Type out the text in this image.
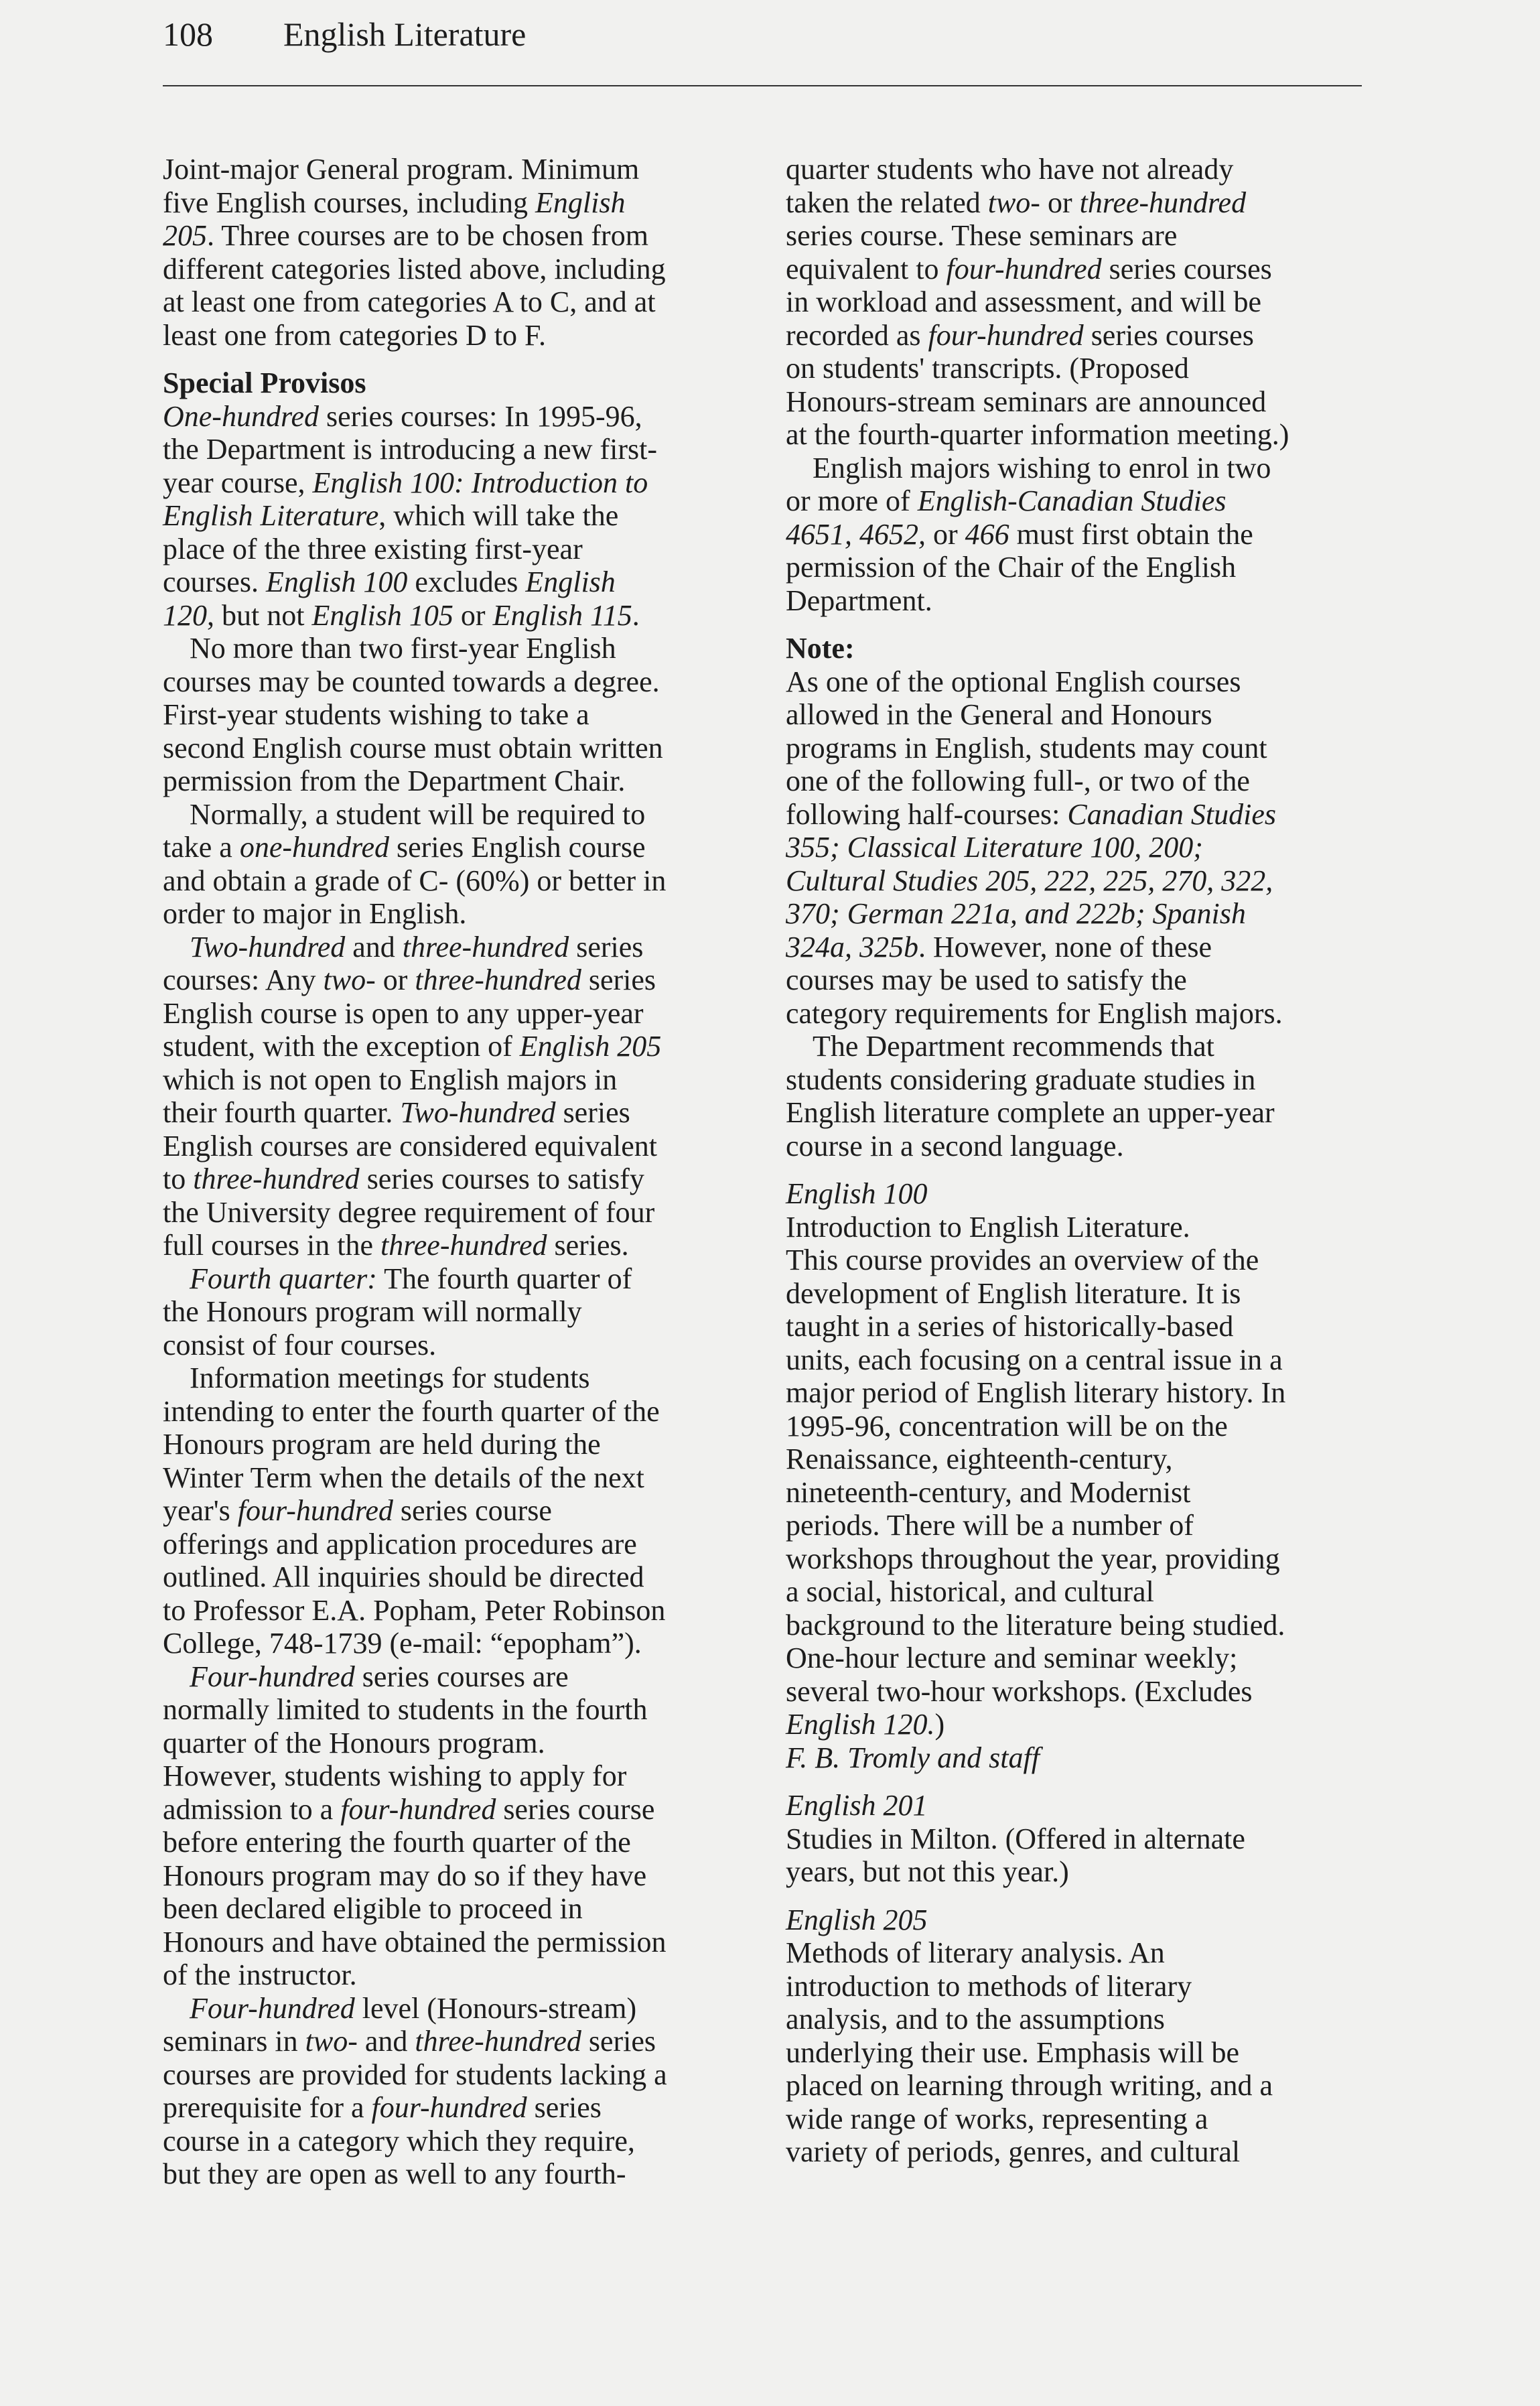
108 English Literature
Joint-major General program. Minimum
five English courses, including English
205. Three courses are to be chosen from
different categories listed above, including
at least one from categories A to C, and at
least one from categories D to F.
Special Provisos
One-hundred series courses: In 1995-96,
the Department is introducing a new first-
year course, English 100: Introduction to
English Literature, which will take the
place of the three existing first-year
courses. English 100 excludes English
120, but not English 105 or English 115.
No more than two first-year English
courses may be counted towards a degree.
First-year students wishing to take a
second English course must obtain written
permission from the Department Chair.
Normally, a student will be required to
take a one-hundred series English course
and obtain a grade of C- (60%) or better in
order to major in English.
Two-hundred and three-hundred series
courses: Any two- or three-hundred series
English course is open to any upper-year
student, with the exception of English 205
which is not open to English majors in
their fourth quarter. Two-hundred series
English courses are considered equivalent
to three-hundred series courses to satisfy
the University degree requirement of four
full courses in the three-hundred series.
Fourth quarter: The fourth quarter of
the Honours program will normally
consist of four courses.
Information meetings for students
intending to enter the fourth quarter of the
Honours program are held during the
Winter Term when the details of the next
year's four-hundred series course
offerings and application procedures are
outlined. All inquiries should be directed
to Professor E.A. Popham, Peter Robinson
College, 748-1739 (e-mail: “epopham”).
Four-hundred series courses are
normally limited to students in the fourth
quarter of the Honours program.
However, students wishing to apply for
admission to a four-hundred series course
before entering the fourth quarter of the
Honours program may do so if they have
been declared eligible to proceed in
Honours and have obtained the permission
of the instructor.
Four-hundred level (Honours-stream)
seminars in two- and three-hundred series
courses are provided for students lacking a
prerequisite for a four-hundred series
course in a category which they require,
but they are open as well to any fourth-
quarter students who have not already
taken the related two- or three-hundred
series course. These seminars are
equivalent to four-hundred series courses
in workload and assessment, and will be
recorded as four-hundred series courses
on students' transcripts. (Proposed
Honours-stream seminars are announced
at the fourth-quarter information meeting.)
English majors wishing to enrol in two
or more of English-Canadian Studies
4651, 4652, or 466 must first obtain the
permission of the Chair of the English
Department.
Note:
As one of the optional English courses
allowed in the General and Honours
programs in English, students may count
one of the following full-, or two of the
following half-courses: Canadian Studies
355; Classical Literature 100, 200;
Cultural Studies 205, 222, 225, 270, 322,
370; German 221a, and 222b; Spanish
324a, 325b. However, none of these
courses may be used to satisfy the
category requirements for English majors.
The Department recommends that
students considering graduate studies in
English literature complete an upper-year
course in a second language.
English 100
Introduction to English Literature.
This course provides an overview of the
development of English literature. It is
taught in a series of historically-based
units, each focusing on a central issue in a
major period of English literary history. In
1995-96, concentration will be on the
Renaissance, eighteenth-century,
nineteenth-century, and Modernist
periods. There will be a number of
workshops throughout the year, providing
a social, historical, and cultural
background to the literature being studied.
One-hour lecture and seminar weekly;
several two-hour workshops. (Excludes
English 120.)
F. B. Tromly and staff
English 201
Studies in Milton. (Offered in alternate
years, but not this year.)
English 205
Methods of literary analysis. An
introduction to methods of literary
analysis, and to the assumptions
underlying their use. Emphasis will be
placed on learning through writing, and a
wide range of works, representing a
variety of periods, genres, and cultural
